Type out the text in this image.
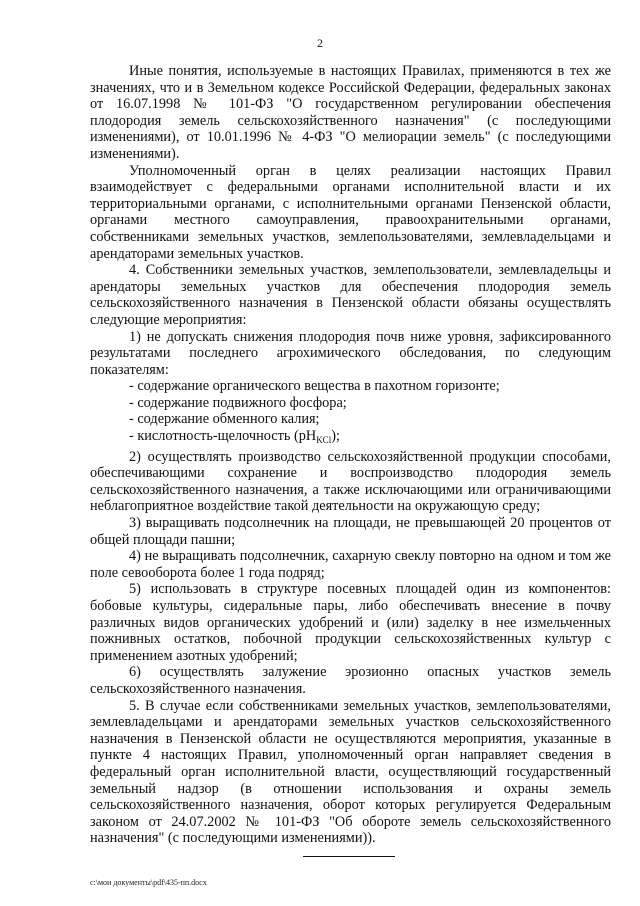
2

Иные понятия, используемые в настоящих Правилах, применяются в тех же значениях, что и в Земельном кодексе Российской Федерации, федеральных законах от 16.07.1998 № 101-ФЗ "О государственном регулировании обеспечения плодородия земель сельскохозяйственного назначения" (с последующими изменениями), от 10.01.1996 № 4-ФЗ "О мелиорации земель" (с последующими изменениями).

Уполномоченный орган в целях реализации настоящих Правил взаимодействует с федеральными органами исполнительной власти и их территориальными органами, с исполнительными органами Пензенской области, органами местного самоуправления, правоохранительными органами, собственниками земельных участков, землепользователями, землевладельцами и арендаторами земельных участков.

4. Собственники земельных участков, землепользователи, землевладельцы и арендаторы земельных участков для обеспечения плодородия земель сельскохозяйственного назначения в Пензенской области обязаны осуществлять следующие мероприятия:

1) не допускать снижения плодородия почв ниже уровня, зафиксированного результатами последнего агрохимического обследования, по следующим показателям:

- содержание органического вещества в пахотном горизонте;

- содержание подвижного фосфора;

- содержание обменного калия;

- кислотность-щелочность $(pH_{KCl})$;

2) осуществлять производство сельскохозяйственной продукции способами, обеспечивающими сохранение и воспроизводство плодородия земель сельскохозяйственного назначения, а также исключающими или ограничивающими неблагоприятное воздействие такой деятельности на окружающую среду;

3) выращивать подсолнечник на площади, не превышающей 20 процентов от общей площади пашни;

4) не выращивать подсолнечник, сахарную свеклу повторно на одном и том же поле севооборота более 1 года подряд;

5) использовать в структуре посевных площадей один из компонентов: бобовые культуры, сидеральные пары, либо обеспечивать внесение в почву различных видов органических удобрений и (или) заделку в нее измельченных пожнивных остатков, побочной продукции сельскохозяйственных культур с применением азотных удобрений;

6) осуществлять залужение эрозионно опасных участков земель сельскохозяйственного назначения.

5. В случае если собственниками земельных участков, землепользователями, землевладельцами и арендаторами земельных участков сельскохозяйственного назначения в Пензенской области не осуществляются мероприятия, указанные в пункте 4 настоящих Правил, уполномоченный орган направляет сведения в федеральный орган исполнительной власти, осуществляющий государственный земельный надзор (в отношении использования и охраны земель сельскохозяйственного назначения, оборот которых регулируется Федеральным законом от 24.07.2002 № 101-ФЗ "Об обороте земель сельскохозяйственного назначения" (с последующими изменениями)).

c:\мои документы\pdf\435-пп.docx
